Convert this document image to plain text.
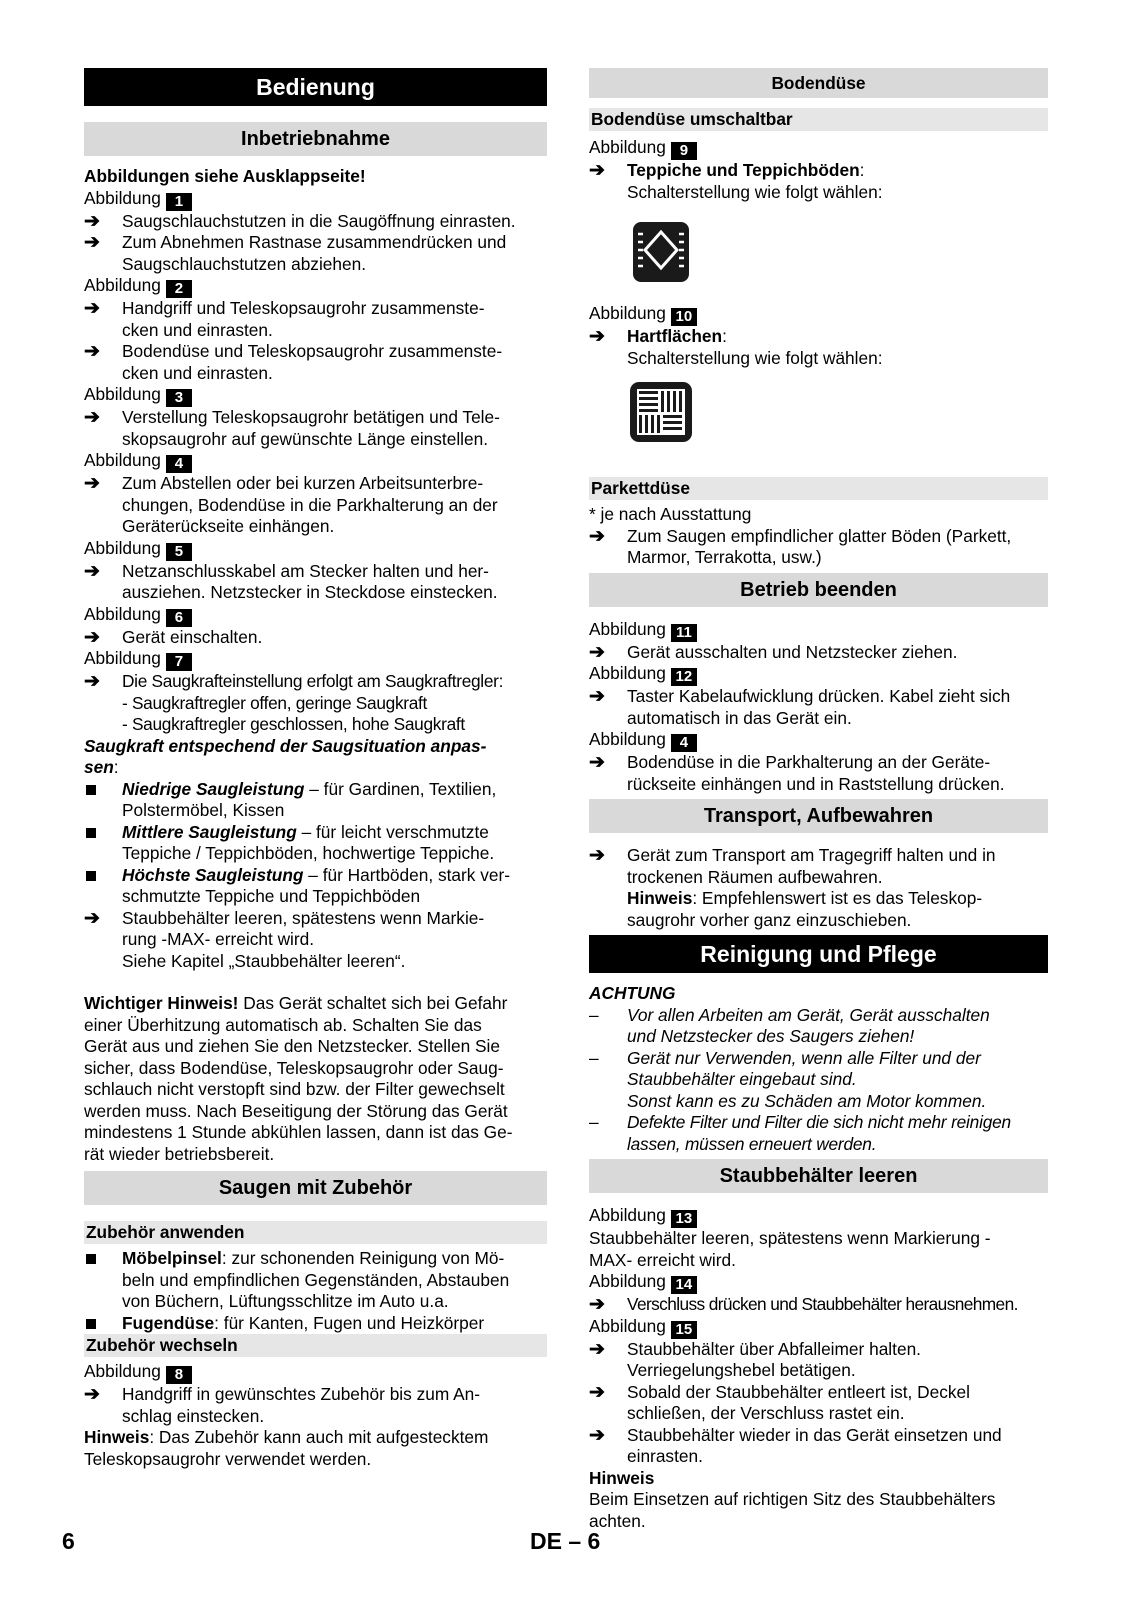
Bedienung
Inbetriebnahme
Abbildungen siehe Ausklappseite!
Abbildung 1
➔	Saugschlauchstutzen in die Saugöffnung einrasten.
➔	Zum Abnehmen Rastnase zusammendrücken und
Saugschlauchstutzen abziehen.
Abbildung 2
➔	Handgriff und Teleskopsaugrohr zusammenste-
cken und einrasten.
➔	Bodendüse und Teleskopsaugrohr zusammenste-
cken und einrasten.
Abbildung 3
➔	Verstellung Teleskopsaugrohr betätigen und Tele-
skopsaugrohr auf gewünschte Länge einstellen.
Abbildung 4
➔	Zum Abstellen oder bei kurzen Arbeitsunterbre-
chungen, Bodendüse in die Parkhalterung an der
Geräterückseite einhängen.
Abbildung 5
➔	Netzanschlusskabel am Stecker halten und her-
ausziehen. Netzstecker in Steckdose einstecken.
Abbildung 6
➔	Gerät einschalten.
Abbildung 7
➔	Die Saugkrafteinstellung erfolgt am Saugkraftregler:
- Saugkraftregler offen, geringe Saugkraft
- Saugkraftregler geschlossen, hohe Saugkraft
Saugkraft entspechend der Saugsituation anpas-
sen:
Niedrige Saugleistung – für Gardinen, Textilien,
Polstermöbel, Kissen
Mittlere Saugleistung – für leicht verschmutzte
Teppiche / Teppichböden, hochwertige Teppiche.
Höchste Saugleistung – für Hartböden, stark ver-
schmutzte Teppiche und Teppichböden
➔	Staubbehälter leeren, spätestens wenn Markie-
rung -MAX- erreicht wird.
Siehe Kapitel „Staubbehälter leeren“.
Wichtiger Hinweis! Das Gerät schaltet sich bei Gefahr
einer Überhitzung automatisch ab. Schalten Sie das
Gerät aus und ziehen Sie den Netzstecker. Stellen Sie
sicher, dass Bodendüse, Teleskopsaugrohr oder Saug-
schlauch nicht verstopft sind bzw. der Filter gewechselt
werden muss. Nach Beseitigung der Störung das Gerät
mindestens 1 Stunde abkühlen lassen, dann ist das Ge-
rät wieder betriebsbereit.
Saugen mit Zubehör
Zubehör anwenden
Möbelpinsel: zur schonenden Reinigung von Mö-
beln und empfindlichen Gegenständen, Abstauben
von Büchern, Lüftungsschlitze im Auto u.a.
Fugendüse: für Kanten, Fugen und Heizkörper
Zubehör wechseln
Abbildung 8
➔	Handgriff in gewünschtes Zubehör bis zum An-
schlag einstecken.
Hinweis: Das Zubehör kann auch mit aufgestecktem
Teleskopsaugrohr verwendet werden.
Bodendüse
Bodendüse umschaltbar
Abbildung 9
➔	Teppiche und Teppichböden:
Schalterstellung wie folgt wählen:
Abbildung 10
➔	Hartflächen:
Schalterstellung wie folgt wählen:
Parkettdüse
* je nach Ausstattung
➔	Zum Saugen empfindlicher glatter Böden (Parkett,
Marmor, Terrakotta, usw.)
Betrieb beenden
Abbildung 11
➔	Gerät ausschalten und Netzstecker ziehen.
Abbildung 12
➔	Taster Kabelaufwicklung drücken. Kabel zieht sich
automatisch in das Gerät ein.
Abbildung 4
➔	Bodendüse in die Parkhalterung an der Geräte-
rückseite einhängen und in Raststellung drücken.
Transport, Aufbewahren
➔	Gerät zum Transport am Tragegriff halten und in
trockenen Räumen aufbewahren.
Hinweis: Empfehlenswert ist es das Teleskop-
saugrohr vorher ganz einzuschieben.
Reinigung und Pflege
ACHTUNG
– Vor allen Arbeiten am Gerät, Gerät ausschalten
und Netzstecker des Saugers ziehen!
– Gerät nur Verwenden, wenn alle Filter und der
Staubbehälter eingebaut sind.
Sonst kann es zu Schäden am Motor kommen.
– Defekte Filter und Filter die sich nicht mehr reinigen
lassen, müssen erneuert werden.
Staubbehälter leeren
Abbildung 13
Staubbehälter leeren, spätestens wenn Markierung -
MAX- erreicht wird.
Abbildung 14
➔	Verschluss drücken und Staubbehälter herausnehmen.
Abbildung 15
➔	Staubbehälter über Abfalleimer halten.
Verriegelungshebel betätigen.
➔	Sobald der Staubbehälter entleert ist, Deckel
schließen, der Verschluss rastet ein.
➔	Staubbehälter wieder in das Gerät einsetzen und
einrasten.
Hinweis
Beim Einsetzen auf richtigen Sitz des Staubbehälters
achten.
6	DE – 6
